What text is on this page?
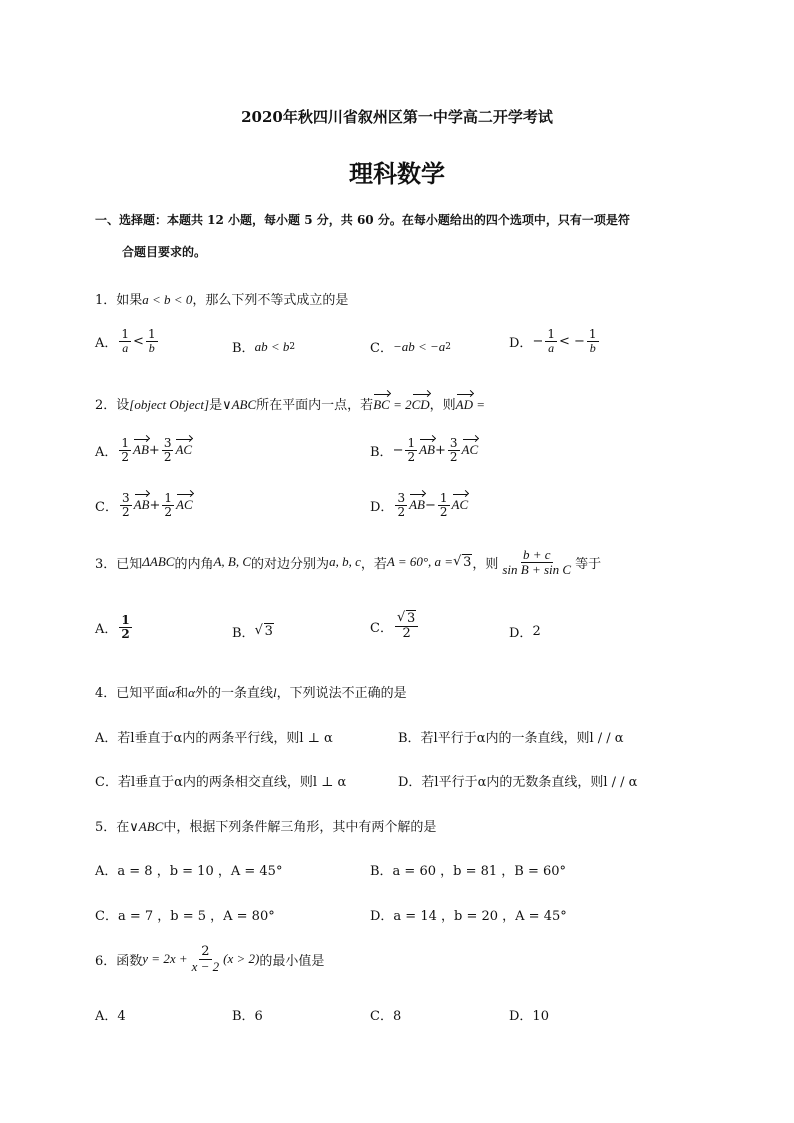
2020年秋四川省叙州区第一中学高二开学考试
理科数学
一、选择题：本题共 12 小题，每小题 5 分，共 60 分。在每小题给出的四个选项中，只有一项是符
合题目要求的。
1．如果a < b < 0，那么下列不等式成立的是
A． $\frac{1}{a} < \frac{1}{b}$	B． ab < b 2	C． −ab < −a 2	D． − $\frac{1}{a}$ < − $\frac{1}{b}$
2．设[object Object]是∨ABC所在平面内一点，若BC = 2CD，则AD =
A． $\frac{1}{2}$ AB + $\frac{3}{2}$ AC	B． − $\frac{1}{2}$ AB + $\frac{3}{2}$ AC
C． $\frac{3}{2}$ AB + $\frac{1}{2}$ AC	D． $\frac{3}{2}$ AB − $\frac{1}{2}$ AC
3．已知 ΔABC 的内角 A, B, C 的对边分别为 a, b, c ，若 A = 60°, a = √ 3 ，则 $\frac{b + c}{\text{sin B + sin C}}$ 等于
A． $\frac{1}{2}$	B． √ 3	C． √ $\frac{3}{2}$	D． 2
4．已知平面α和α外的一条直线l，下列说法不正确的是
A．若l垂直于α内的两条平行线，则l ⊥ α	B．若l平行于α内的一条直线，则l / / α
C．若l垂直于α内的两条相交直线，则l ⊥ α	D．若l平行于α内的无数条直线，则l / / α
5．在∨ABC中，根据下列条件解三角形，其中有两个解的是
A．a = 8 ，b = 10 ，A = 45°	B．a = 60 ，b = 81 ，B = 60°
C．a = 7 ，b = 5 ，A = 80°	D．a = 14 ，b = 20 ，A = 45°
6．函数 $y = 2x + \frac{2}{x - 2} (x > 2)$ 的最小值是
A．4	B．6	C．8	D．10
